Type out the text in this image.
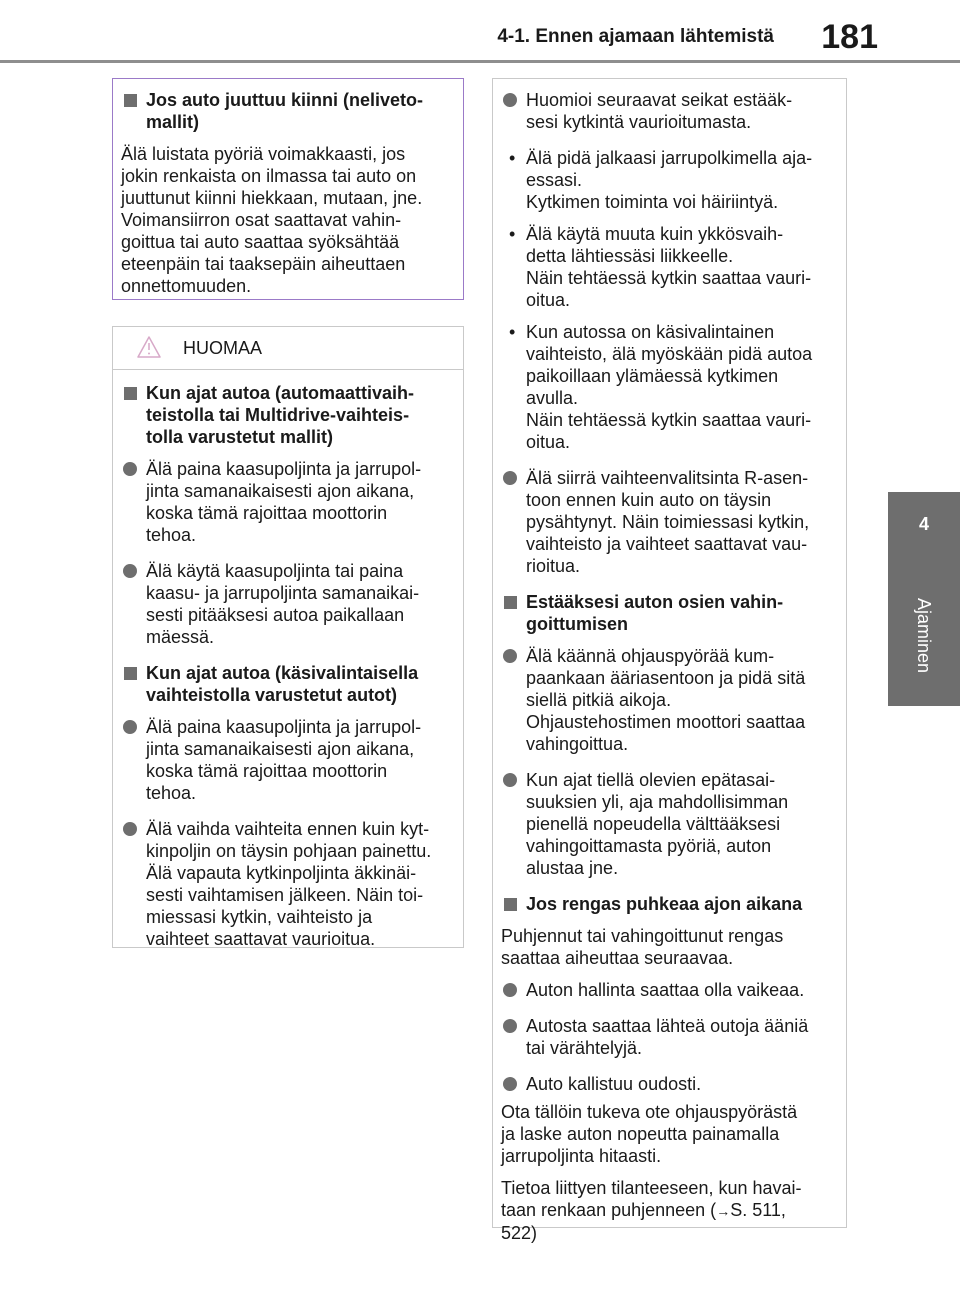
4-1. Ennen ajamaan lähtemistä 181
4
Ajaminen
Jos auto juuttuu kiinni (neliveto-
mallit)
Älä luistata pyöriä voimakkaasti, jos
jokin renkaista on ilmassa tai auto on
juuttunut kiinni hiekkaan, mutaan, jne.
Voimansiirron osat saattavat vahin-
goittua tai auto saattaa syöksähtää
eteenpäin tai taaksepäin aiheuttaen
onnettomuuden.
HUOMAA
Kun ajat autoa (automaattivaih-
teistolla tai Multidrive-vaihteis-
tolla varustetut mallit)
Älä paina kaasupoljinta ja jarrupol-
jinta samanaikaisesti ajon aikana,
koska tämä rajoittaa moottorin
tehoa.
Älä käytä kaasupoljinta tai paina
kaasu- ja jarrupoljinta samanaikai-
sesti pitääksesi autoa paikallaan
mäessä.
Kun ajat autoa (käsivalintaisella
vaihteistolla varustetut autot)
Älä paina kaasupoljinta ja jarrupol-
jinta samanaikaisesti ajon aikana,
koska tämä rajoittaa moottorin
tehoa.
Älä vaihda vaihteita ennen kuin kyt-
kinpoljin on täysin pohjaan painettu.
Älä vapauta kytkinpoljinta äkkinäi-
sesti vaihtamisen jälkeen. Näin toi-
miessasi kytkin, vaihteisto ja
vaihteet saattavat vaurioitua.
Huomioi seuraavat seikat estääk-
sesi kytkintä vaurioitumasta.
• Älä pidä jalkaasi jarrupolkimella aja-
essasi.
Kytkimen toiminta voi häiriintyä.
• Älä käytä muuta kuin ykkösvaih-
detta lähtiessäsi liikkeelle.
Näin tehtäessä kytkin saattaa vauri-
oitua.
• Kun autossa on käsivalintainen
vaihteisto, älä myöskään pidä autoa
paikoillaan ylämäessä kytkimen
avulla.
Näin tehtäessä kytkin saattaa vauri-
oitua.
Älä siirrä vaihteenvalitsinta R-asen-
toon ennen kuin auto on täysin
pysähtynyt. Näin toimiessasi kytkin,
vaihteisto ja vaihteet saattavat vau-
rioitua.
Estääksesi auton osien vahin-
goittumisen
Älä käännä ohjauspyörää kum-
paankaan ääriasentoon ja pidä sitä
siellä pitkiä aikoja.
Ohjaustehostimen moottori saattaa
vahingoittua.
Kun ajat tiellä olevien epätasai-
suuksien yli, aja mahdollisimman
pienellä nopeudella välttääksesi
vahingoittamasta pyöriä, auton
alustaa jne.
Jos rengas puhkeaa ajon aikana
Puhjennut tai vahingoittunut rengas
saattaa aiheuttaa seuraavaa.
Auton hallinta saattaa olla vaikeaa.
Autosta saattaa lähteä outoja ääniä
tai värähtelyjä.
Auto kallistuu oudosti.
Ota tällöin tukeva ote ohjauspyörästä
ja laske auton nopeutta painamalla
jarrupoljinta hitaasti.
Tietoa liittyen tilanteeseen, kun havai-
taan renkaan puhjenneen (→S. 511,
522)
